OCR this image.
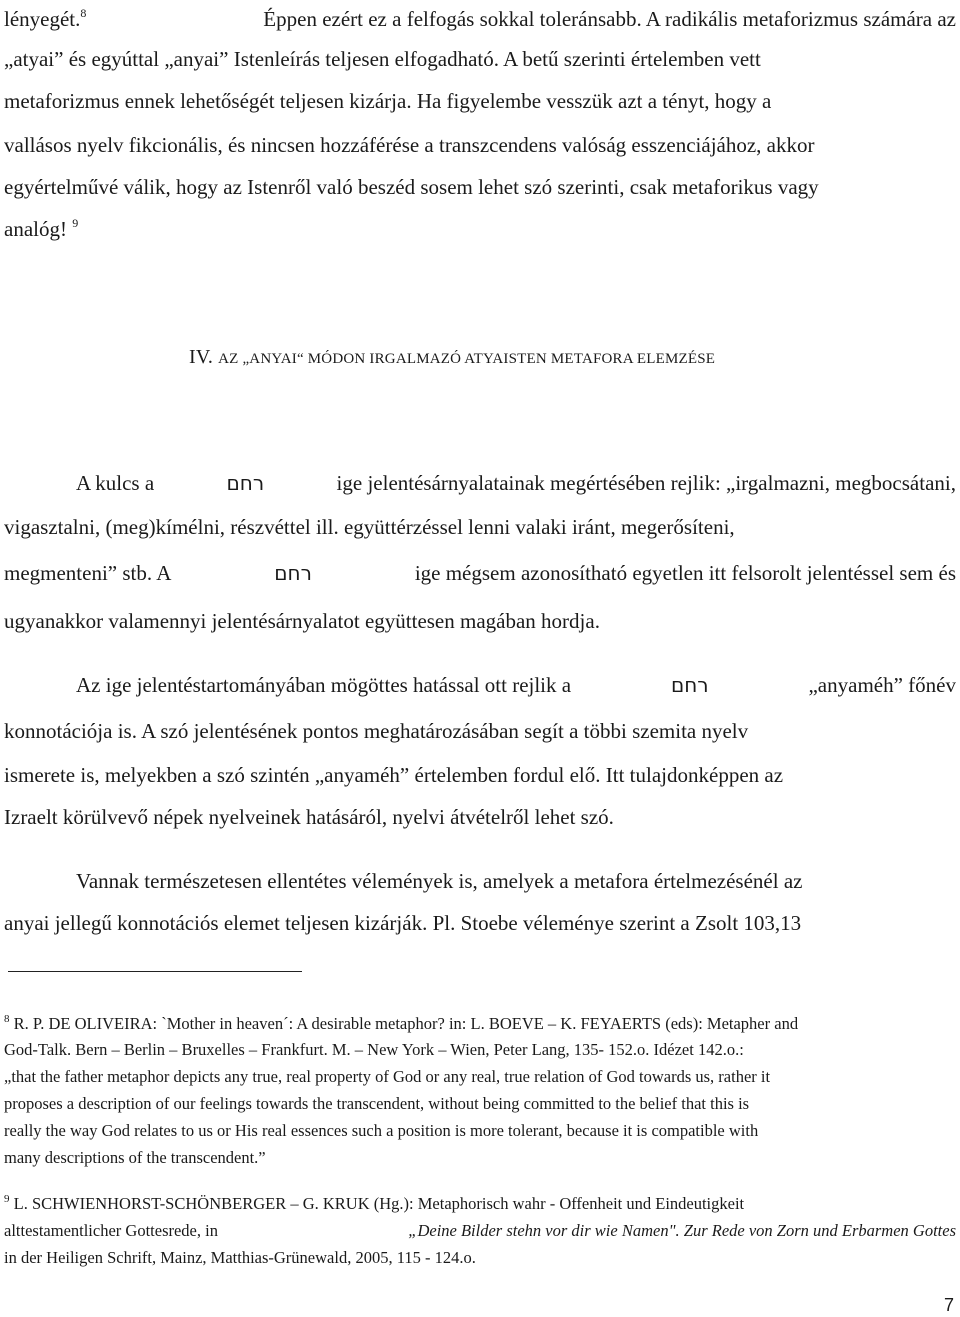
lényegét.$^8$	Éppen ezért ez a felfogás sokkal toleránsabb. A radikális metaforizmus számára az
„atyai” és egyúttal „anyai” Istenleírás teljesen elfogadható. A betű szerinti értelemben vett
metaforizmus ennek lehetőségét teljesen kizárja. Ha figyelembe vesszük azt a tényt, hogy a
vallásos nyelv fikcionális, és nincsen hozzáférése a transzcendens valóság esszenciájához, akkor
egyértelművé válik, hogy az Istenről való beszéd sosem lehet szó szerinti, csak metaforikus vagy
analóg! $^9$
IV. AZ „ANYAI“ MÓDON IRGALMAZÓ ATYAISTEN METAFORA ELEMZÉSE
A kulcs a	רחם	ige jelentésárnyalatainak megértésében rejlik: „irgalmazni, megbocsátani,
vigasztalni, (meg)kímélni, részvéttel ill. együttérzéssel lenni valaki iránt, megerősíteni,
megmenteni” stb. A	רחם	ige mégsem azonosítható egyetlen itt felsorolt jelentéssel sem és
ugyanakkor valamennyi jelentésárnyalatot együttesen magában hordja.
Az ige jelentéstartományában mögöttes hatással ott rejlik a	רחם	„anyaméh” főnév
konnotációja is. A szó jelentésének pontos meghatározásában segít a többi szemita nyelv
ismerete is, melyekben a szó szintén „anyaméh” értelemben fordul elő. Itt tulajdonképpen az
Izraelt körülvevő népek nyelveinek hatásáról, nyelvi átvételről lehet szó.
Vannak természetesen ellentétes vélemények is, amelyek a metafora értelmezésénél az
anyai jellegű konnotációs elemet teljesen kizárják. Pl. Stoebe véleménye szerint a Zsolt 103,13
$^8$ R. P. DE OLIVEIRA: `Mother in heaven´: A desirable metaphor? in: L. BOEVE – K. FEYAERTS (eds): Metapher and
God-Talk. Bern – Berlin – Bruxelles – Frankfurt. M. – New York – Wien, Peter Lang, 135- 152.o. Idézet 142.o.:
„that the father metaphor depicts any true, real property of God or any real, true relation of God towards us, rather it
proposes a description of our feelings towards the transcendent, without being committed to the belief that this is
really the way God relates to us or His real essences such a position is more tolerant, because it is compatible with
many descriptions of the transcendent.”
$^9$ L. SCHWIENHORST-SCHÖNBERGER – G. KRUK (Hg.): Metaphorisch wahr - Offenheit und Eindeutigkeit
alttestamentlicher Gottesrede, in	„Deine Bilder stehn vor dir wie Namen". Zur Rede von Zorn und Erbarmen Gottes
in der Heiligen Schrift, Mainz, Matthias-Grünewald, 2005, 115 - 124.o.
7
